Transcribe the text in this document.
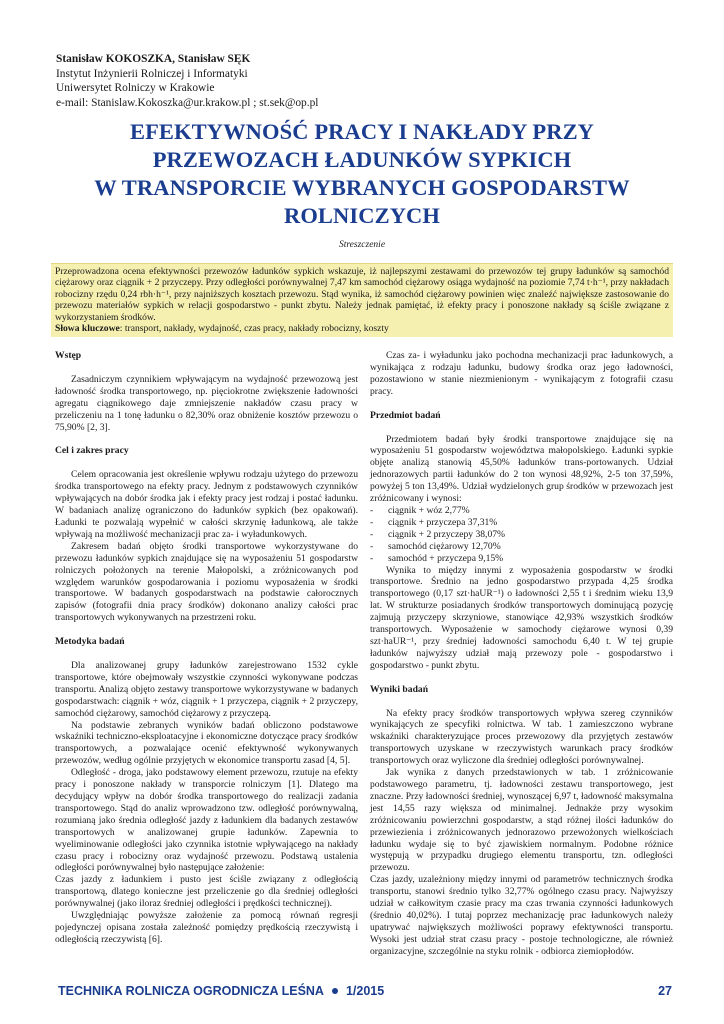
Stanisław KOKOSZKA, Stanisław SĘK
Instytut Inżynierii Rolniczej i Informatyki
Uniwersytet Rolniczy w Krakowie
e-mail: Stanislaw.Kokoszka@ur.krakow.pl ; st.sek@op.pl
EFEKTYWNOŚĆ PRACY I NAKŁADY PRZY
PRZEWOZACH ŁADUNKÓW SYPKICH
W TRANSPORCIE WYBRANYCH GOSPODARSTW
ROLNICZYCH
Streszczenie
Przeprowadzona ocena efektywności przewozów ładunków sypkich wskazuje, iż najlepszymi zestawami do przewozów tej grupy ładunków są samochód ciężarowy oraz ciągnik + 2 przyczepy. Przy odległości porównywalnej 7,47 km samochód ciężarowy osiąga wydajność na poziomie 7,74 t·h⁻¹, przy nakładach robocizny rzędu 0,24 rbh·h⁻¹, przy najniższych kosztach przewozu. Stąd wynika, iż samochód ciężarowy powinien więc znaleźć największe zastosowanie do przewozu materiałów sypkich w relacji gospodarstwo - punkt zbytu. Należy jednak pamiętać, iż efekty pracy i ponoszone nakłady są ściśle związane z wykorzystaniem środków.
Słowa kluczowe: transport, nakłady, wydajność, czas pracy, nakłady robocizny, koszty
Wstęp

Zasadniczym czynnikiem wpływającym na wydajność przewozową jest ładowność środka transportowego, np. pięciokrotne zwiększenie ładowności agregatu ciągnikowego daje zmniejszenie nakładów czasu pracy w przeliczeniu na 1 tonę ładunku o 82,30% oraz obniżenie kosztów przewozu o 75,90% [2, 3].

Cel i zakres pracy

Celem opracowania jest określenie wpływu rodzaju użytego do przewozu środka transportowego na efekty pracy. Jednym z podstawowych czynników wpływających na dobór środka jak i efekty pracy jest rodzaj i postać ładunku. W badaniach analizę ograniczono do ładunków sypkich (bez opakowań). Ładunki te pozwalają wypełnić w całości skrzynię ładunkową, ale także wpływają na możliwość mechanizacji prac za- i wyładunkowych.

Zakresem badań objęto środki transportowe wykorzystywane do przewozu ładunków sypkich znajdujące się na wyposażeniu 51 gospodarstw rolniczych położonych na terenie Małopolski, a zróżnicowanych pod względem warunków gospodarowania i poziomu wyposażenia w środki transportowe. W badanych gospodarstwach na podstawie całorocznych zapisów (fotografii dnia pracy środków) dokonano analizy całości prac transportowych wykonywanych na przestrzeni roku.

Metodyka badań

Dla analizowanej grupy ładunków zarejestrowano 1532 cykle transportowe, które obejmowały wszystkie czynności wykonywane podczas transportu. Analizą objęto zestawy transportowe wykorzystywane w badanych gospodarstwach: ciągnik + wóz, ciągnik + 1 przyczepa, ciągnik + 2 przyczepy, samochód ciężarowy, samochód ciężarowy z przyczepą.

Na podstawie zebranych wyników badań obliczono podstawowe wskaźniki techniczno-eksploatacyjne i ekonomiczne dotyczące pracy środków transportowych, a pozwalające ocenić efektywność wykonywanych przewozów, według ogólnie przyjętych w ekonomice transportu zasad [4, 5].

Odległość - droga, jako podstawowy element przewozu, rzutuje na efekty pracy i ponoszone nakłady w transporcie rolniczym [1]. Dlatego ma decydujący wpływ na dobór środka transportowego do realizacji zadania transportowego. Stąd do analiz wprowadzono tzw. odległość porównywalną, rozumianą jako średnia odległość jazdy z ładunkiem dla badanych zestawów transportowych w analizowanej grupie ładunków. Zapewnia to wyeliminowanie odległości jako czynnika istotnie wpływającego na nakłady czasu pracy i robocizny oraz wydajność przewozu. Podstawą ustalenia odległości porównywalnej było następujące założenie:

Czas jazdy z ładunkiem i pusto jest ściśle związany z odległością transportową, dlatego konieczne jest przeliczenie go dla średniej odległości porównywalnej (jako iloraz średniej odległości i prędkości technicznej).

Uwzględniając powyższe założenie za pomocą równań regresji pojedynczej opisana została zależność pomiędzy prędkością rzeczywistą i odległością rzeczywistą [6].

Czas za- i wyładunku jako pochodna mechanizacji prac ładunkowych, a wynikająca z rodzaju ładunku, budowy środka oraz jego ładowności, pozostawiono w stanie niezmienionym - wynikającym z fotografii czasu pracy.

Przedmiot badań

Przedmiotem badań były środki transportowe znajdujące się na wyposażeniu 51 gospodarstw województwa małopolskiego. Ładunki sypkie objęte analizą stanowią 45,50% ładunków trans-portowanych. Udział jednorazowych partii ładunków do 2 ton wynosi 48,92%, 2-5 ton 37,59%, powyżej 5 ton 13,49%. Udział wydzielonych grup środków w przewozach jest zróżnicowany i wynosi:

- ciągnik + wóz 2,77%
- ciągnik + przyczepa 37,31%
- ciągnik + 2 przyczepy 38,07%
- samochód ciężarowy 12,70%
- samochód + przyczepa 9,15%

Wynika to między innymi z wyposażenia gospodarstw w środki transportowe. Średnio na jedno gospodarstwo przypada 4,25 środka transportowego (0,17 szt·haUR⁻¹) o ładowności 2,55 t i średnim wieku 13,9 lat. W strukturze posiadanych środków transportowych dominującą pozycję zajmują przyczepy skrzyniowe, stanowiące 42,93% wszystkich środków transportowych. Wyposażenie w samochody ciężarowe wynosi 0,39 szt·haUR⁻¹, przy średniej ładowności samochodu 6,40 t. W tej grupie ładunków najwyższy udział mają przewozy pole - gospodarstwo i gospodarstwo - punkt zbytu.

Wyniki badań

Na efekty pracy środków transportowych wpływa szereg czynników wynikających ze specyfiki rolnictwa. W tab. 1 zamieszczono wybrane wskaźniki charakteryzujące proces przewozowy dla przyjętych zestawów transportowych uzyskane w rzeczywistych warunkach pracy środków transportowych oraz wyliczone dla średniej odległości porównywalnej.

Jak wynika z danych przedstawionych w tab. 1 zróżnicowanie podstawowego parametru, tj. ładowności zestawu transportowego, jest znaczne. Przy ładowności średniej, wynoszącej 6,97 t, ładowność maksymalna jest 14,55 razy większa od minimalnej. Jednakże przy wysokim zróżnicowaniu powierzchni gospodarstw, a stąd różnej ilości ładunków do przewiezienia i zróżnicowanych jednorazowo przewożonych wielkościach ładunku wydaje się to być zjawiskiem normalnym. Podobne różnice występują w przypadku drugiego elementu transportu, tzn. odległości przewozu.

Czas jazdy, uzależniony między innymi od parametrów technicznych środka transportu, stanowi średnio tylko 32,77% ogólnego czasu pracy. Najwyższy udział w całkowitym czasie pracy ma czas trwania czynności ładunkowych (średnio 40,02%). I tutaj poprzez mechanizację prac ładunkowych należy upatrywać największych możliwości poprawy efektywności transportu. Wysoki jest udział strat czasu pracy - postoje technologiczne, ale również organizacyjne, szczególnie na styku rolnik - odbiorca ziemiopłodów.

TECHNIKA ROLNICZA OGRODNICZA LEŚNA 1/2015	27
